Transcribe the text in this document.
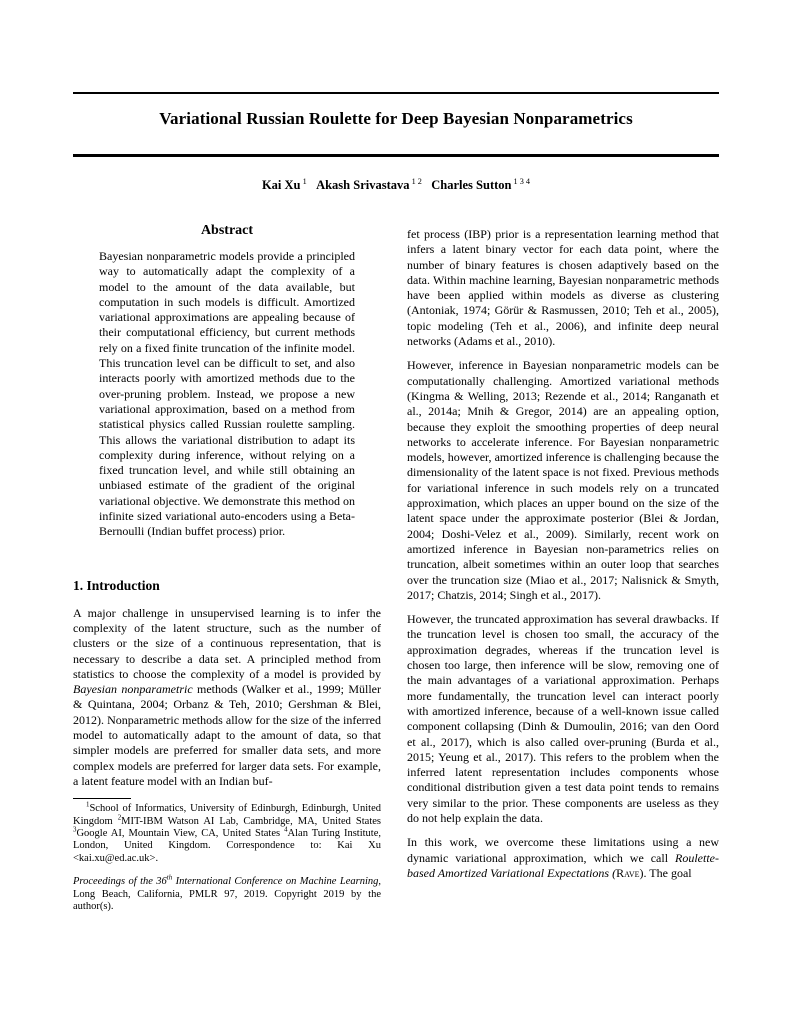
Variational Russian Roulette for Deep Bayesian Nonparametrics
Kai Xu $^1$ Akash Srivastava $^{1 2}$ Charles Sutton $^{1 3 4}$
Abstract
Bayesian nonparametric models provide a principled way to automatically adapt the complexity of a model to the amount of the data available, but computation in such models is difficult. Amortized variational approximations are appealing because of their computational efficiency, but current methods rely on a fixed finite truncation of the infinite model. This truncation level can be difficult to set, and also interacts poorly with amortized methods due to the over-pruning problem. Instead, we propose a new variational approximation, based on a method from statistical physics called Russian roulette sampling. This allows the variational distribution to adapt its complexity during inference, without relying on a fixed truncation level, and while still obtaining an unbiased estimate of the gradient of the original variational objective. We demonstrate this method on infinite sized variational auto-encoders using a Beta-Bernoulli (Indian buffet process) prior.
1. Introduction

A major challenge in unsupervised learning is to infer the complexity of the latent structure, such as the number of clusters or the size of a continuous representation, that is necessary to describe a data set. A principled method from statistics to choose the complexity of a model is provided by Bayesian nonparametric methods (Walker et al., 1999; Müller & Quintana, 2004; Orbanz & Teh, 2010; Gershman & Blei, 2012). Nonparametric methods allow for the size of the inferred model to automatically adapt to the amount of data, so that simpler models are preferred for smaller data sets, and more complex models are preferred for larger data sets. For example, a latent feature model with an Indian buf-

$^1$School of Informatics, University of Edinburgh, Edinburgh, United Kingdom $^2$MIT-IBM Watson AI Lab, Cambridge, MA, United States $^3$Google AI, Mountain View, CA, United States $^4$Alan Turing Institute, London, United Kingdom. Correspondence to: Kai Xu <kai.xu@ed.ac.uk>.

Proceedings of the 36th International Conference on Machine Learning, Long Beach, California, PMLR 97, 2019. Copyright 2019 by the author(s).

fet process (IBP) prior is a representation learning method that infers a latent binary vector for each data point, where the number of binary features is chosen adaptively based on the data. Within machine learning, Bayesian nonparametric methods have been applied within models as diverse as clustering (Antoniak, 1974; Görür & Rasmussen, 2010; Teh et al., 2005), topic modeling (Teh et al., 2006), and infinite deep neural networks (Adams et al., 2010).

However, inference in Bayesian nonparametric models can be computationally challenging. Amortized variational methods (Kingma & Welling, 2013; Rezende et al., 2014; Ranganath et al., 2014a; Mnih & Gregor, 2014) are an appealing option, because they exploit the smoothing properties of deep neural networks to accelerate inference. For Bayesian nonparametric models, however, amortized inference is challenging because the dimensionality of the latent space is not fixed. Previous methods for variational inference in such models rely on a truncated approximation, which places an upper bound on the size of the latent space under the approximate posterior (Blei & Jordan, 2004; Doshi-Velez et al., 2009). Similarly, recent work on amortized inference in Bayesian non-parametrics relies on truncation, albeit sometimes within an outer loop that searches over the truncation size (Miao et al., 2017; Nalisnick & Smyth, 2017; Chatzis, 2014; Singh et al., 2017).

However, the truncated approximation has several drawbacks. If the truncation level is chosen too small, the accuracy of the approximation degrades, whereas if the truncation level is chosen too large, then inference will be slow, removing one of the main advantages of a variational approximation. Perhaps more fundamentally, the truncation level can interact poorly with amortized inference, because of a well-known issue called component collapsing (Dinh & Dumoulin, 2016; van den Oord et al., 2017), which is also called over-pruning (Burda et al., 2015; Yeung et al., 2017). This refers to the problem when the inferred latent representation includes components whose conditional distribution given a test data point tends to remains very similar to the prior. These components are useless as they do not help explain the data.

In this work, we overcome these limitations using a new dynamic variational approximation, which we call Roulette-based Amortized Variational Expectations (Rave). The goal
